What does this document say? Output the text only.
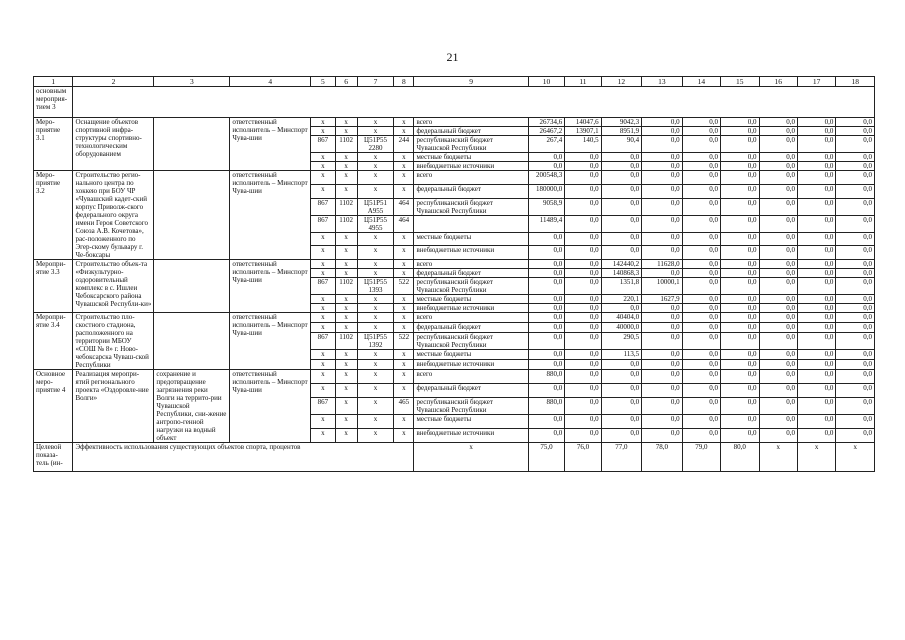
21
1	2	3	4	5	6	7	8	9	10	11	12	13	14	15	16	17	18
основным мероприя-тием 3																	
Меро-приятие 3.1	Оснащение объектов спортивной инфра-структуры спортивно-технологическим оборудованием		ответственный исполнитель – Минспорт Чува-шии	x	x	x	x	всего	26734,6	14047,6	9042,3	0,0	0,0	0,0	0,0	0,0	0,0
				x	x	x	x	федеральный бюджет	26467,2	13907,1	8951,9	0,0	0,0	0,0	0,0	0,0	0,0
				867	1102	Ц51Р55 2280	244	республиканский бюджет Чувашской Республики	267,4	140,5	90,4	0,0	0,0	0,0	0,0	0,0	0,0
				x	x	x	x	местные бюджеты	0,0	0,0	0,0	0,0	0,0	0,0	0,0	0,0	0,0
				x	x	x	x	внебюджетные источники	0,0	0,0	0,0	0,0	0,0	0,0	0,0	0,0	0,0
Меро-приятие 3.2	Строительство регио-нального центра по хоккею при БОУ ЧР «Чувашский кадет-ский корпус Приволж-ского федерального округа имени Героя Советского Союза А.В. Кочетова», рас-положенного по Эгер-скому бульвару г. Че-боксары		ответственный исполнитель – Минспорт Чува-шии	x	x	x	x	всего	200548,3	0,0	0,0	0,0	0,0	0,0	0,0	0,0	0,0
				x	x	x	x	федеральный бюджет	180000,0	0,0	0,0	0,0	0,0	0,0	0,0	0,0	0,0
				867	1102	Ц51Р51 А955	464	республиканский бюджет Чувашской Республики	9058,9	0,0	0,0	0,0	0,0	0,0	0,0	0,0	0,0
				867	1102	Ц51Р55 4955	464		11489,4	0,0	0,0	0,0	0,0	0,0	0,0	0,0	0,0
				x	x	x	x	местные бюджеты	0,0	0,0	0,0	0,0	0,0	0,0	0,0	0,0	0,0
				x	x	x	x	внебюджетные источники	0,0	0,0	0,0	0,0	0,0	0,0	0,0	0,0	0,0
Меропри-ятие 3.3	Строительство объек-та «Физкультурно-оздоровительный комплекс в с. Ишлеи Чебоксарского района Чувашской Республи-ки»		ответственный исполнитель – Минспорт Чува-шии	x	x	x	x	всего	0,0	0,0	142440,2	11628,0	0,0	0,0	0,0	0,0	0,0
				x	x	x	x	федеральный бюджет	0,0	0,0	140868,3	0,0	0,0	0,0	0,0	0,0	0,0
				867	1102	Ц51Р55 1393	522	республиканский бюджет Чувашской Республики	0,0	0,0	1351,8	10000,1	0,0	0,0	0,0	0,0	0,0
				x	x	x	x	местные бюджеты	0,0	0,0	220,1	1627,9	0,0	0,0	0,0	0,0	0,0
				x	x	x	x	внебюджетные источники	0,0	0,0	0,0	0,0	0,0	0,0	0,0	0,0	0,0
Меропри-ятие 3.4	Строительство пло-скостного стадиона, расположенного на территории МБОУ «СОШ № 8» г. Ново-чебоксарска Чуваш-ской Республики		ответственный исполнитель – Минспорт Чува-шии	x	x	x	x	всего	0,0	0,0	40404,0	0,0	0,0	0,0	0,0	0,0	0,0
				x	x	x	x	федеральный бюджет	0,0	0,0	40000,0	0,0	0,0	0,0	0,0	0,0	0,0
				867	1102	Ц51Р55 1392	522	республиканский бюджет Чувашской Республики	0,0	0,0	290,5	0,0	0,0	0,0	0,0	0,0	0,0
				x	x	x	x	местные бюджеты	0,0	0,0	113,5	0,0	0,0	0,0	0,0	0,0	0,0
				x	x	x	x	внебюджетные источники	0,0	0,0	0,0	0,0	0,0	0,0	0,0	0,0	0,0
Основное меро-приятие 4	Реализация меропри-ятий регионального проекта «Оздоровле-ние Волги»	сохранение и предотвращение загрязнения реки Волги на террито-рии Чувашской Республики, сни-жение антропо-генной нагрузки на водный объект	ответственный исполнитель – Минспорт Чува-шии	x	x	x	x	всего	880,0	0,0	0,0	0,0	0,0	0,0	0,0	0,0	0,0
				x	x	x	x	федеральный бюджет	0,0	0,0	0,0	0,0	0,0	0,0	0,0	0,0	0,0
				867	x	x	465	республиканский бюджет Чувашской Республики	880,0	0,0	0,0	0,0	0,0	0,0	0,0	0,0	0,0
				x	x	x	x	местные бюджеты	0,0	0,0	0,0	0,0	0,0	0,0	0,0	0,0	0,0
				x	x	x	x	внебюджетные источники	0,0	0,0	0,0	0,0	0,0	0,0	0,0	0,0	0,0
Целевой показа-тель (ин-	Эффективность использования существующих объектов спорта, процентов							x	75,0	76,0	77,0	78,0	79,0	80,0	x	x	x
